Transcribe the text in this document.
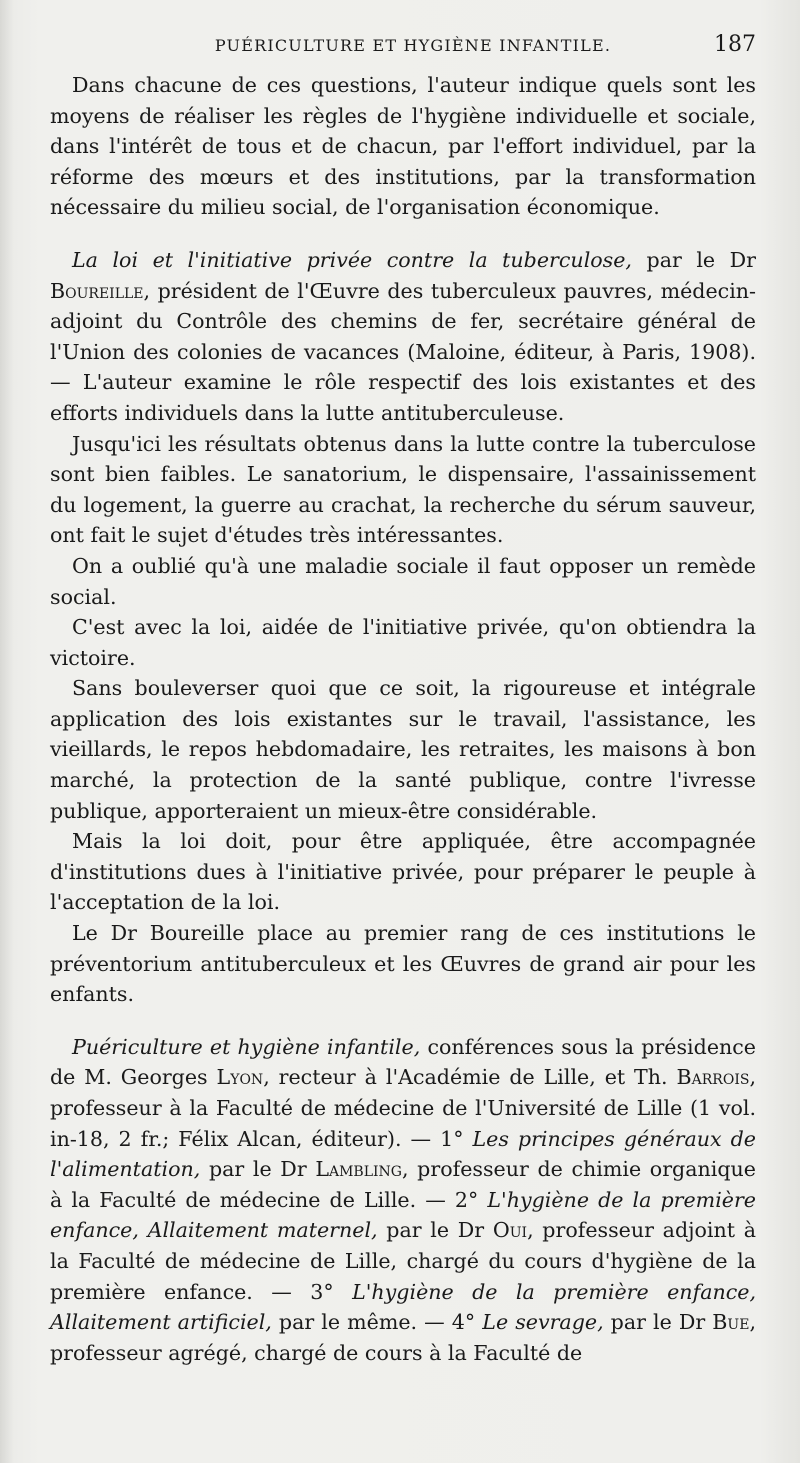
PUÉRICULTURE ET HYGIÈNE INFANTILE.	187

Dans chacune de ces questions, l'auteur indique quels sont les moyens de réaliser les règles de l'hygiène individuelle et sociale, dans l'intérêt de tous et de chacun, par l'effort individuel, par la réforme des mœurs et des institutions, par la transformation nécessaire du milieu social, de l'organisation économique.

La loi et l'initiative privée contre la tuberculose, par le Dr Boureille, président de l'Œuvre des tuberculeux pauvres, médecin-adjoint du Contrôle des chemins de fer, secrétaire général de l'Union des colonies de vacances (Maloine, éditeur, à Paris, 1908). — L'auteur examine le rôle respectif des lois existantes et des efforts individuels dans la lutte antituberculeuse.

Jusqu'ici les résultats obtenus dans la lutte contre la tuberculose sont bien faibles. Le sanatorium, le dispensaire, l'assainissement du logement, la guerre au crachat, la recherche du sérum sauveur, ont fait le sujet d'études très intéressantes.

On a oublié qu'à une maladie sociale il faut opposer un remède social.

C'est avec la loi, aidée de l'initiative privée, qu'on obtiendra la victoire.

Sans bouleverser quoi que ce soit, la rigoureuse et intégrale application des lois existantes sur le travail, l'assistance, les vieillards, le repos hebdomadaire, les retraites, les maisons à bon marché, la protection de la santé publique, contre l'ivresse publique, apporteraient un mieux-être considérable.

Mais la loi doit, pour être appliquée, être accompagnée d'institutions dues à l'initiative privée, pour préparer le peuple à l'acceptation de la loi.

Le Dr Boureille place au premier rang de ces institutions le préventorium antituberculeux et les Œuvres de grand air pour les enfants.

Puériculture et hygiène infantile, conférences sous la présidence de M. Georges Lyon, recteur à l'Académie de Lille, et Th. Barrois, professeur à la Faculté de médecine de l'Université de Lille (1 vol. in-18, 2 fr.; Félix Alcan, éditeur). — 1° Les principes généraux de l'alimentation, par le Dr Lambling, professeur de chimie organique à la Faculté de médecine de Lille. — 2° L'hygiène de la première enfance, Allaitement maternel, par le Dr Oui, professeur adjoint à la Faculté de médecine de Lille, chargé du cours d'hygiène de la première enfance. — 3° L'hygiène de la première enfance, Allaitement artificiel, par le même. — 4° Le sevrage, par le Dr Bue, professeur agrégé, chargé de cours à la Faculté de
